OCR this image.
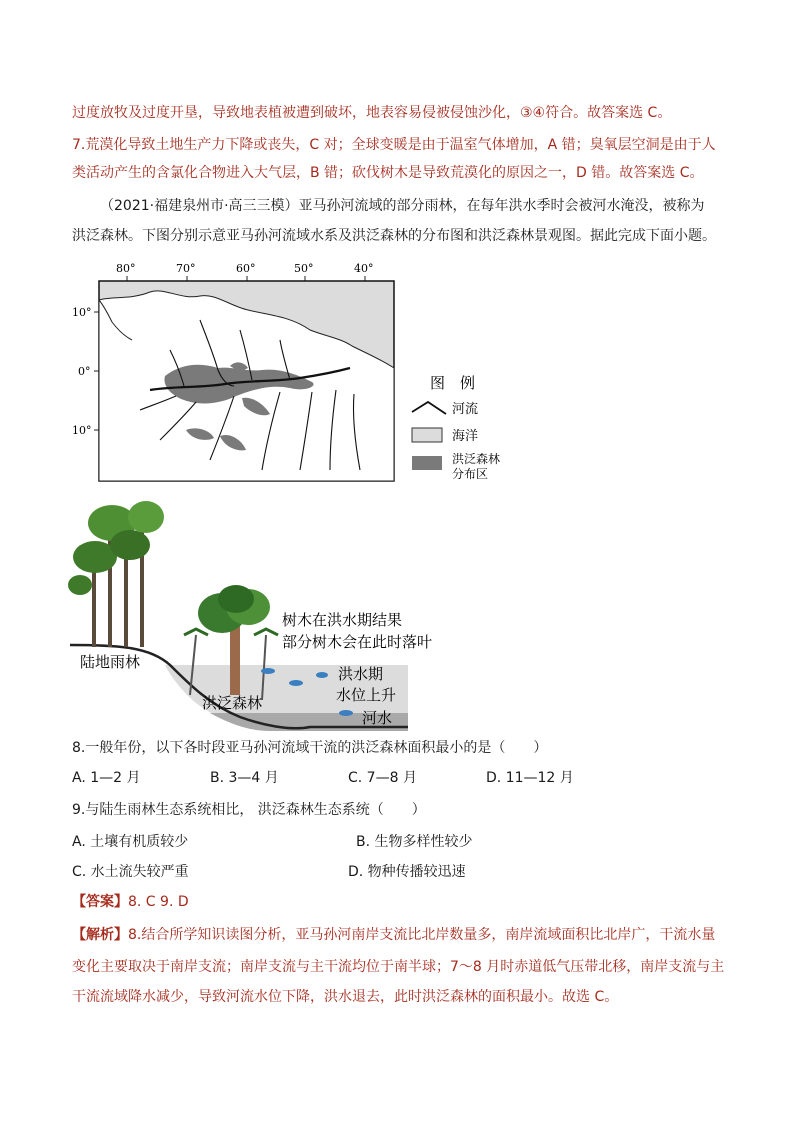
过度放牧及过度开垦，导致地表植被遭到破坏，地表容易侵被侵蚀沙化，③④符合。故答案选 C。
7.荒漠化导致土地生产力下降或丧失，C 对；全球变暖是由于温室气体增加，A 错；臭氧层空洞是由于人
类活动产生的含氯化合物进入大气层，B 错；砍伐树木是导致荒漠化的原因之一，D 错。故答案选 C。
（2021·福建泉州市·高三三模）亚马孙河流域的部分雨林，在每年洪水季时会被河水淹没，被称为
洪泛森林。下图分别示意亚马孙河流域水系及洪泛森林的分布图和洪泛森林景观图。据此完成下面小题。
80°	70°	60°	50°	40°
10°
0°
10°
图　例
河流
海洋
洪泛森林
分布区
树木在洪水期结果
部分树木会在此时落叶
陆地雨林
洪泛森林
洪水期
水位上升
河水
8.一般年份，以下各时段亚马孙河流域干流的洪泛森林面积最小的是（　　）
A. 1—2 月	B. 3—4 月	C. 7—8 月	D. 11—12 月
9.与陆生雨林生态系统相比， 洪泛森林生态系统（　　）
A. 土壤有机质较少	B. 生物多样性较少
C. 水土流失较严重	D. 物种传播较迅速
【答案】8. C 9. D
【解析】8.结合所学知识读图分析，亚马孙河南岸支流比北岸数量多，南岸流域面积比北岸广，干流水量
变化主要取决于南岸支流；南岸支流与主干流均位于南半球；7～8 月时赤道低气压带北移，南岸支流与主
干流流域降水减少，导致河流水位下降，洪水退去，此时洪泛森林的面积最小。故选 C。
